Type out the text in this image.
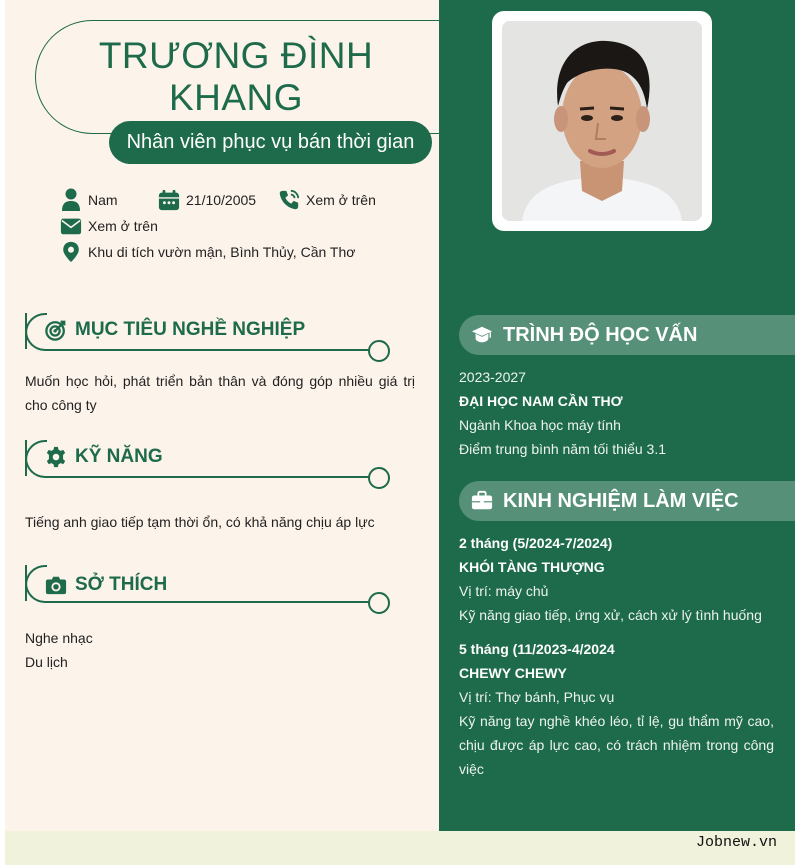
TRƯƠNG ĐÌNH
KHANG
Nhân viên phục vụ bán thời gian
Nam	21/10/2005	Xem ở trên
Xem ở trên
Khu di tích vườn mận, Bình Thủy, Cần Thơ
MỤC TIÊU NGHỀ NGHIỆP
Muốn học hỏi, phát triển bản thân và đóng góp nhiều giá trị cho công ty
KỸ NĂNG
Tiếng anh giao tiếp tạm thời ổn, có khả năng chịu áp lực
SỞ THÍCH
Nghe nhạc
Du lịch
TRÌNH ĐỘ HỌC VẤN
2023-2027
ĐẠI HỌC NAM CẦN THƠ
Ngành Khoa học máy tính
Điểm trung bình năm tối thiểu 3.1
KINH NGHIỆM LÀM VIỆC
2 tháng (5/2024-7/2024)
KHÓI TÀNG THƯỢNG
Vị trí: máy chủ
Kỹ năng giao tiếp, ứng xử, cách xử lý tình huống
5 tháng (11/2023-4/2024
CHEWY CHEWY
Vị trí: Thợ bánh, Phục vụ
Kỹ năng tay nghề khéo léo, tỉ lệ, gu thẩm mỹ cao, chịu được áp lực cao, có trách nhiệm trong công việc
Jobnew.vn
